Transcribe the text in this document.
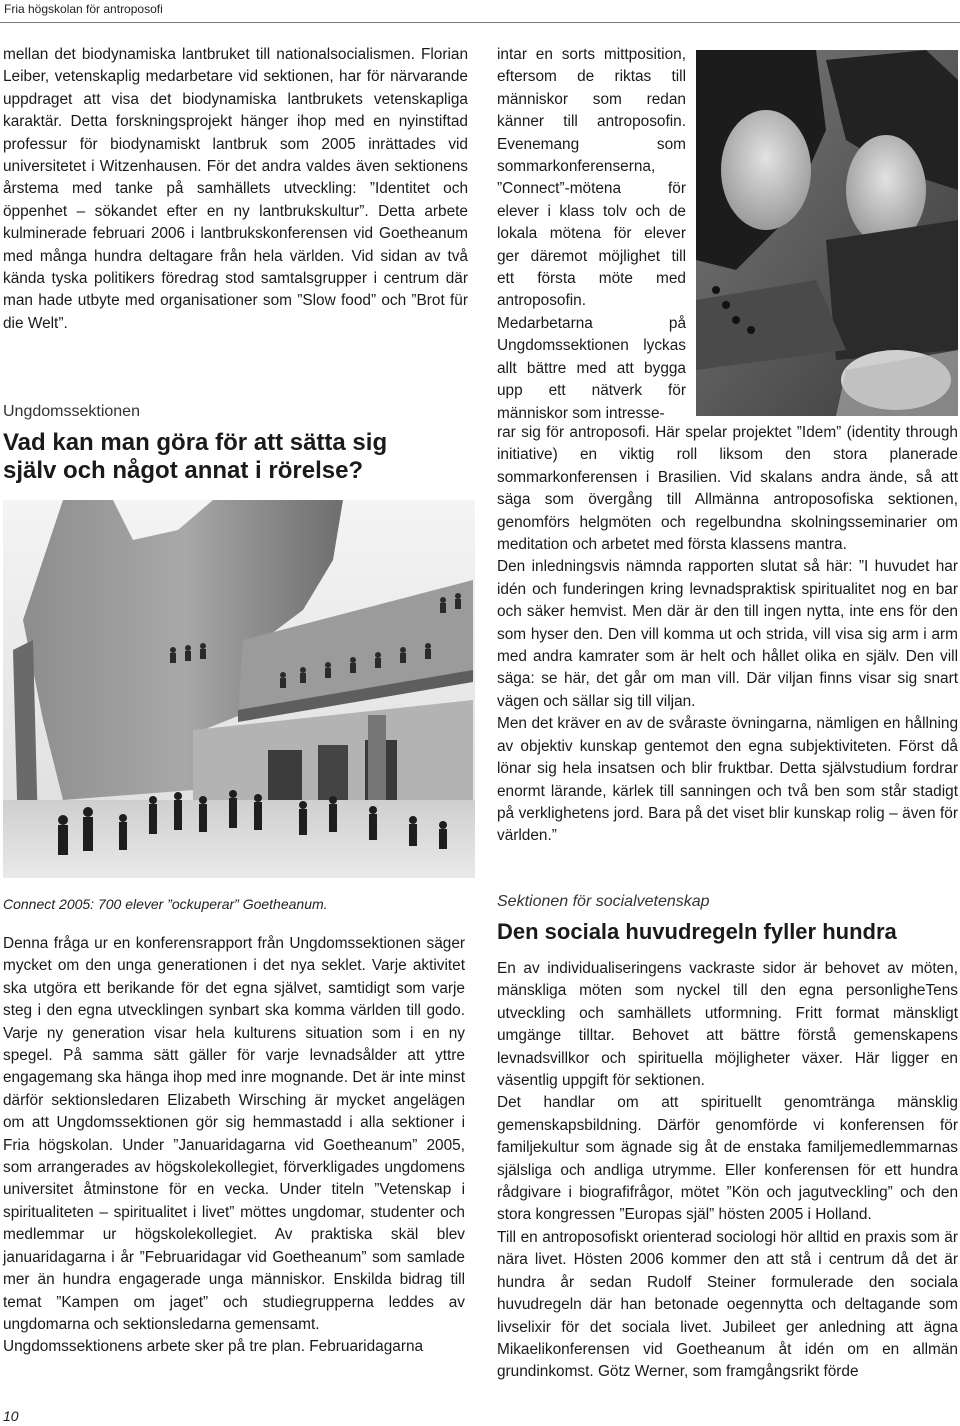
Fria högskolan för antroposofi

mellan det biodynamiska lantbruket till nationalsocialismen. Florian Leiber, vetenskaplig medarbetare vid sektionen, har för närvarande uppdraget att visa det biodynamiska lantbrukets vetenskapliga karaktär. Detta forskningsprojekt hänger ihop med en nyinstiftad professur för biodynamiskt lantbruk som 2005 inrättades vid universitetet i Witzenhausen. För det andra valdes även sektionens årstema med tanke på samhällets utveckling: ”Identitet och öppenhet – sökandet efter en ny lantbrukskultur”. Detta arbete kulminerade februari 2006 i lantbrukskonferensen vid Goetheanum med många hundra deltagare från hela världen. Vid sidan av två kända tyska politikers föredrag stod samtalsgrupper i centrum där man hade utbyte med organisationer som ”Slow food” och ”Brot für die Welt”.

Ungdomssektionen
Vad kan man göra för att sätta sig själv och något annat i rörelse?
Connect 2005: 700 elever ”ockuperar” Goetheanum.

intar en sorts mittposition, eftersom de riktas till människor som redan känner till antroposofin. Evenemang som sommarkonferenserna, ”Connect”-mötena för elever i klass tolv och de lokala mötena för elever ger däremot möjlighet till ett första möte med antroposofin. Medarbetarna på Ungdomssektionen lyckas allt bättre med att bygga upp ett nätverk för människor som intresse-

rar sig för antroposofi. Här spelar projektet ”Idem” (identity through initiative) en viktig roll liksom den stora planerade sommarkonferensen i Brasilien. Vid skalans andra ände, så att säga som övergång till Allmänna antroposofiska sektionen, genomförs helgmöten och regelbundna skolningsseminarier om meditation och arbetet med första klassens mantra.

Den inledningsvis nämnda rapporten slutat så här: ”I huvudet har idén och funderingen kring levnadspraktisk spiritualitet nog en bar och säker hemvist. Men där är den till ingen nytta, inte ens för den som hyser den. Den vill komma ut och strida, vill visa sig arm i arm med andra kamrater som är helt och hållet olika en själv. Den vill säga: se här, det går om man vill. Där viljan finns visar sig snart vägen och sällar sig till viljan.

Men det kräver en av de svåraste övningarna, nämligen en hållning av objektiv kunskap gentemot den egna subjektiviteten. Först då lönar sig hela insatsen och blir fruktbar. Detta självstudium fordrar enormt lärande, kärlek till sanningen och två ben som står stadigt på verklighetens jord. Bara på det viset blir kunskap rolig – även för världen.”

Denna fråga ur en konferensrapport från Ungdomssektionen säger mycket om den unga generationen i det nya seklet. Varje aktivitet ska utgöra ett berikande för det egna självet, samtidigt som varje steg i den egna utvecklingen synbart ska komma världen till godo. Varje ny generation visar hela kulturens situation som i en ny spegel. På samma sätt gäller för varje levnadsålder att yttre engagemang ska hänga ihop med inre mognande. Det är inte minst därför sektionsledaren Elizabeth Wirsching är mycket angelägen om att Ungdomssektionen gör sig hemmastadd i alla sektioner i Fria högskolan. Under ”Januaridagarna vid Goetheanum” 2005, som arrangerades av högskolekollegiet, förverkligades ungdomens universitet åtminstone för en vecka. Under titeln ”Vetenskap i spiritualiteten – spiritualitet i livet” möttes ungdomar, studenter och medlemmar ur högskolekollegiet. Av praktiska skäl blev januaridagarna i år ”Februaridagar vid Goetheanum” som samlade mer än hundra engagerade unga människor. Enskilda bidrag till temat ”Kampen om jaget” och studiegrupperna leddes av ungdomarna och sektionsledarna gemensamt.

Ungdomssektionens arbete sker på tre plan. Februaridagarna

Sektionen för socialvetenskap
Den sociala huvudregeln fyller hundra

En av individualiseringens vackraste sidor är behovet av möten, mänskliga möten som nyckel till den egna personligheTens utveckling och samhällets utformning. Fritt format mänskligt umgänge tilltar. Behovet att bättre förstå gemenskapens levnadsvillkor och spirituella möjligheter växer. Här ligger en väsentlig uppgift för sektionen.

Det handlar om att spirituellt genomtränga mänsklig gemenskapsbildning. Därför genomförde vi konferensen för familjekultur som ägnade sig åt de enstaka familjemedlemmarnas själsliga och andliga utrymme. Eller konferensen för ett hundra rådgivare i biografifrågor, mötet ”Kön och jagutveckling” och den stora kongressen ”Europas själ” hösten 2005 i Holland.

Till en antroposofiskt orienterad sociologi hör alltid en praxis som är nära livet. Hösten 2006 kommer den att stå i centrum då det är hundra år sedan Rudolf Steiner formulerade den sociala huvudregeln där han betonade oegennytta och deltagande som livselixir för det sociala livet. Jubileet ger anledning att ägna Mikaelikonferensen vid Goetheanum åt idén om en allmän grundinkomst. Götz Werner, som framgångsrikt förde

10
